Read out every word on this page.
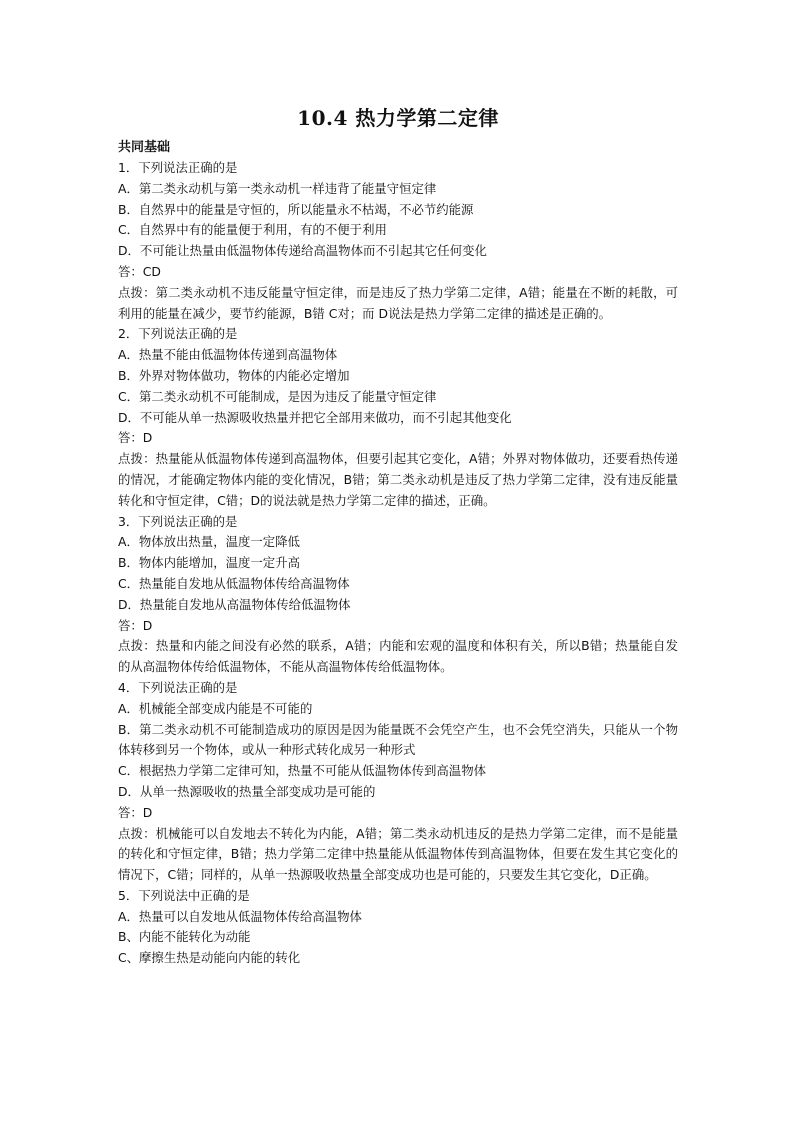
10.4 热力学第二定律

共同基础

1．下列说法正确的是

A．第二类永动机与第一类永动机一样违背了能量守恒定律

B．自然界中的能量是守恒的，所以能量永不枯竭，不必节约能源

C．自然界中有的能量便于利用，有的不便于利用

D．不可能让热量由低温物体传递给高温物体而不引起其它任何变化

答：CD

点拨：第二类永动机不违反能量守恒定律，而是违反了热力学第二定律，A错；能量在不断的耗散，可利用的能量在减少，要节约能源，B错 C对；而 D说法是热力学第二定律的描述是正确的。

2．下列说法正确的是

A．热量不能由低温物体传递到高温物体

B．外界对物体做功，物体的内能必定增加

C．第二类永动机不可能制成，是因为违反了能量守恒定律

D．不可能从单一热源吸收热量并把它全部用来做功，而不引起其他变化

答：D

点拨：热量能从低温物体传递到高温物体，但要引起其它变化，A错；外界对物体做功，还要看热传递的情况，才能确定物体内能的变化情况，B错；第二类永动机是违反了热力学第二定律，没有违反能量转化和守恒定律，C错；D的说法就是热力学第二定律的描述，正确。

3．下列说法正确的是

A．物体放出热量，温度一定降低

B．物体内能增加，温度一定升高

C．热量能自发地从低温物体传给高温物体

D．热量能自发地从高温物体传给低温物体

答：D

点拨：热量和内能之间没有必然的联系，A错；内能和宏观的温度和体积有关，所以B错；热量能自发的从高温物体传给低温物体，不能从高温物体传给低温物体。

4．下列说法正确的是

A．机械能全部变成内能是不可能的

B．第二类永动机不可能制造成功的原因是因为能量既不会凭空产生，也不会凭空消失，只能从一个物体转移到另一个物体，或从一种形式转化成另一种形式

C．根据热力学第二定律可知，热量不可能从低温物体传到高温物体

D．从单一热源吸收的热量全部变成功是可能的

答：D

点拨：机械能可以自发地去不转化为内能，A错；第二类永动机违反的是热力学第二定律，而不是能量的转化和守恒定律，B错；热力学第二定律中热量能从低温物体传到高温物体，但要在发生其它变化的情况下，C错；同样的，从单一热源吸收热量全部变成功也是可能的，只要发生其它变化，D正确。

5．下列说法中正确的是

A．热量可以自发地从低温物体传给高温物体

B、内能不能转化为动能

C、摩擦生热是动能向内能的转化
